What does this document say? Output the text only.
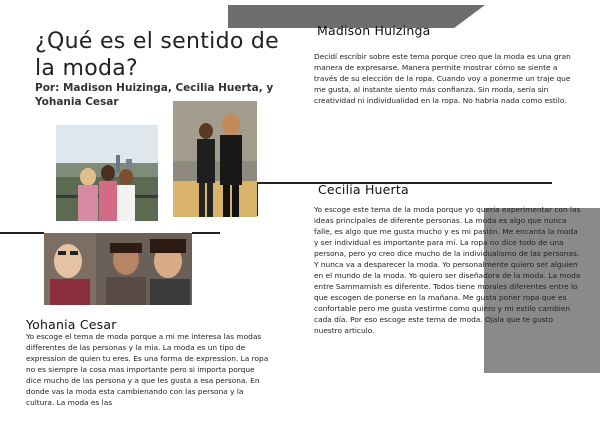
¿Qué es el sentido de la moda?
Por: Madison Huizinga, Cecilia Huerta, y Yohania Cesar
Madison Huizinga
Decidí escribir sobre este tema porque creo que la moda es una gran manera de expresarse. Manera permite mostrar cómo se siente a través de su elección de la ropa. Cuando voy a ponerme un traje que me gusta, al instante siento más confianza. Sin moda, sería sin creatividad ni individualidad en la ropa. No habría nada como estilo.
Cecilia Huerta
Yo escoge este tema de la moda porque yo quería experimentar con las ideas principales de diferente personas. La moda es algo que nunca falle, es algo que me gusta mucho y es mi pasión. Me encanta la moda y ser individual es importante para mí. La ropa no dice todo de una persona, pero yo creo dice mucho de la individualismo de las personas. Y nunca va a desparecer la moda. Yo personalmente quiero ser alguien en el mundo de la moda. Yo quiero ser diseñadora de la moda. La moda entre Sammamish es diferente. Todos tiene morales diferentes entre lo que escogen de ponerse en la mañana. Me gusta poner ropa que es confortable pero me gusta vestirme como quiero y mi estilo cambien cada día. Por eso escoge este tema de moda. Ojala que te gusto nuestro articulo.
Yohania Cesar
Yo escoge el tema de moda porque a mi me interesa las modas differentes de las personas y la mia. La moda es un tipo de expression de quien tu eres. Es una forma de expression. La ropa no es siempre la cosa mas importante pero si importa porque dice mucho de las persona y a que les gusta a esa persona. En donde vas la moda esta cambienando con las persona y la cultura. La moda es las
